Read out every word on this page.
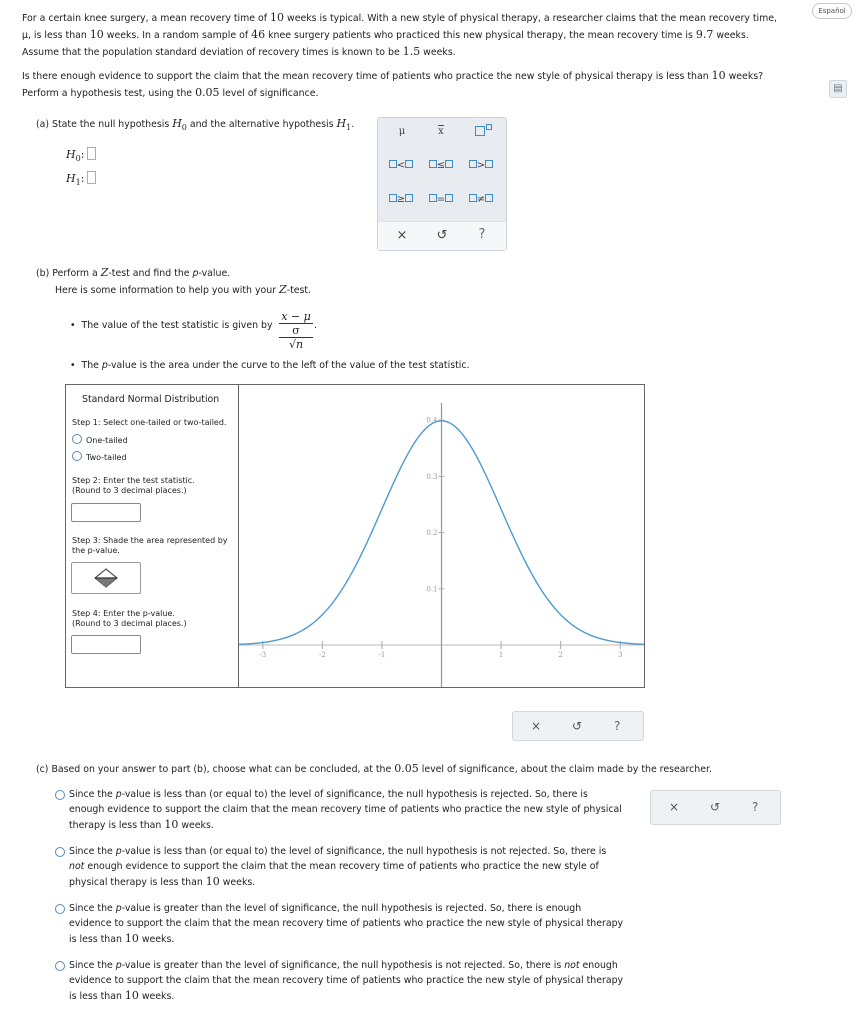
Español
▤

For a certain knee surgery, a mean recovery time of 10 weeks is typical. With a new style of physical therapy, a researcher claims that the mean recovery time,

μ, is less than 10 weeks. In a random sample of 46 knee surgery patients who practiced this new physical therapy, the mean recovery time is 9.7 weeks.

Assume that the population standard deviation of recovery times is known to be 1.5 weeks.

Is there enough evidence to support the claim that the mean recovery time of patients who practice the new style of physical therapy is less than 10 weeks?

Perform a hypothesis test, using the 0.05 level of significance.

(a) State the null hypothesis $H_0$ and the alternative hypothesis $H_1$.
$H_0$:
$H_1$:
μ	$\overline{x}$
<	≤	>
≥	=	≠
×	↺	?
(b) Perform a Z-test and find the p-value.
Here is some information to help you with your Z-test.
•  The value of the test statistic is given by
x − μ
σ
√n
.
•  The p-value is the area under the curve to the left of the value of the test statistic.
Standard Normal Distribution
Step 1: Select one-tailed or two-tailed.
One-tailed
Two-tailed
Step 2: Enter the test statistic.
(Round to 3 decimal places.)
Step 3: Shade the area represented by
the p-value.
Step 4: Enter the p-value.
(Round to 3 decimal places.)
-3	-2	-1	1	2	3
0.1
0.2
0.3
0.4
×	↺	?
(c) Based on your answer to part (b), choose what can be concluded, at the 0.05 level of significance, about the claim made by the researcher.
Since the p-value is less than (or equal to) the level of significance, the null hypothesis is rejected. So, there is
enough evidence to support the claim that the mean recovery time of patients who practice the new style of physical
therapy is less than 10 weeks.
Since the p-value is less than (or equal to) the level of significance, the null hypothesis is not rejected. So, there is
not enough evidence to support the claim that the mean recovery time of patients who practice the new style of
physical therapy is less than 10 weeks.
Since the p-value is greater than the level of significance, the null hypothesis is rejected. So, there is enough
evidence to support the claim that the mean recovery time of patients who practice the new style of physical therapy
is less than 10 weeks.
Since the p-value is greater than the level of significance, the null hypothesis is not rejected. So, there is not enough
evidence to support the claim that the mean recovery time of patients who practice the new style of physical therapy
is less than 10 weeks.
×	↺	?
